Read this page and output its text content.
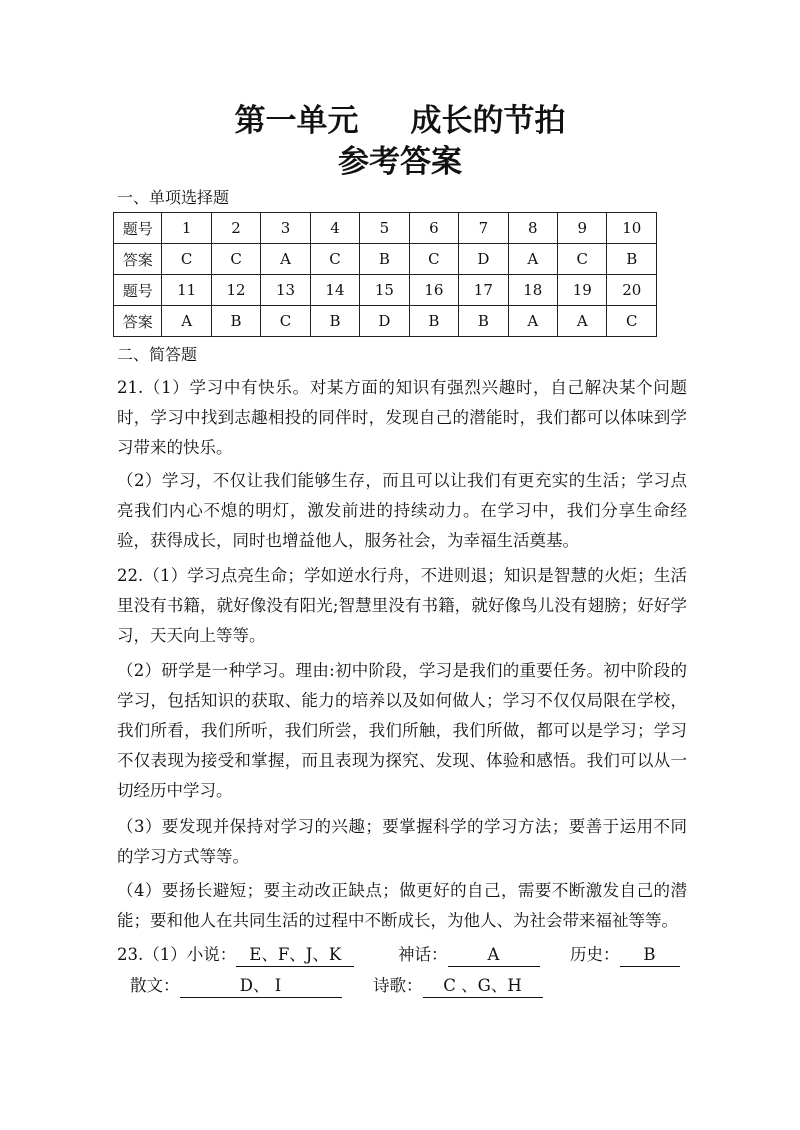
第一单元 成长的节拍
参考答案
一、单项选择题
题号	1	2	3	4	5	6	7	8	9	10
答案	C	C	A	C	B	C	D	A	C	B
题号	11	12	13	14	15	16	17	18	19	20
答案	A	B	C	B	D	B	B	A	A	C
二、简答题

21.（1）学习中有快乐。对某方面的知识有强烈兴趣时，自己解决某个问题时，学习中找到志趣相投的同伴时，发现自己的潜能时，我们都可以体味到学习带来的快乐。

（2）学习，不仅让我们能够生存，而且可以让我们有更充实的生活；学习点亮我们内心不熄的明灯，激发前进的持续动力。在学习中，我们分享生命经验，获得成长，同时也增益他人，服务社会，为幸福生活奠基。

22.（1）学习点亮生命；学如逆水行舟，不进则退；知识是智慧的火炬；生活里没有书籍，就好像没有阳光;智慧里没有书籍，就好像鸟儿没有翅膀；好好学习，天天向上等等。

（2）研学是一种学习。理由:初中阶段，学习是我们的重要任务。初中阶段的学习，包括知识的获取、能力的培养以及如何做人；学习不仅仅局限在学校，我们所看，我们所听，我们所尝，我们所触，我们所做，都可以是学习；学习不仅表现为接受和掌握，而且表现为探究、发现、体验和感悟。我们可以从一切经历中学习。

（3）要发现并保持对学习的兴趣；要掌握科学的学习方法；要善于运用不同的学习方式等等。

（4）要扬长避短；要主动改正缺点；做更好的自己，需要不断激发自己的潜能；要和他人在共同生活的过程中不断成长，为他人、为社会带来福祉等等。

23.（1）小说： E、F、J、K	神话： A	历史： B
散文：	D、 I	诗歌： C 、G、H
